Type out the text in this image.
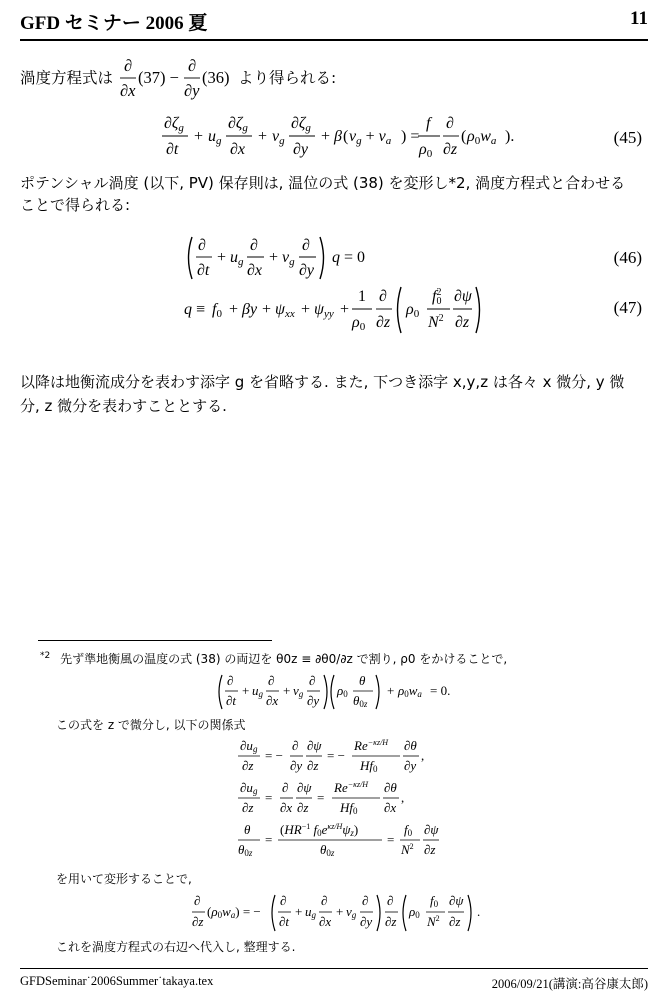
GFD セミナー 2006 夏	11
渦度方程式は
∂
∂x
(37) −
∂
∂y
(36) より得られる:
∂ζg
∂t
+ ug
∂ζg
∂x
+ vg
∂ζg
∂y
+ β ( vg + va ) =
f
ρ0
∂
∂z
( ρ0wa ).	(45)
ポテンシャル渦度 (以下, PV) 保存則は, 温位の式 (38) を変形し*2, 渦度方程式と合わせる
ことで得られる:
∂
∂t
+ ug
∂
∂x
+ vg
∂
∂y
q = 0	(46)
q ≡ f0 + βy + ψxx + ψyy +
1
ρ0
∂
∂z
ρ0
$f^2$ 0
$N^2$
∂ψ
∂z
(47)
以降は地衡流成分を表わす添字 g を省略する. また, 下つき添字 x,y,z は各々 x 微分, y 微
分, z 微分を表わすこととする.
$^{*2}$ 先ず準地衡風の温度の式 (38) の両辺を θ0z ≡ ∂θ0/∂z で割り, ρ0 をかけることで,
∂
∂t
+ ug
∂
∂x
+ vg
∂
∂y
ρ0
θ
θ0z
+ ρ0wa = 0.
この式を z で微分し, 以下の関係式
∂ug
∂z
= −
∂
∂y
∂ψ
∂z
= −
$Re^{-\kappa z/H}$
Hf0
∂θ
∂y
,
∂ug
∂z
=
∂
∂x
∂ψ
∂z
=
$Re^{-\kappa z/H}$
Hf0
∂θ
∂x
,
θ
θ0z
=
($HR^{-1}$ $f0e^{\kappa z/H}\psi z$)
θ0z
=
f0
$N^2$
∂ψ
∂z
を用いて変形することで,
∂
∂z
(ρ0wa) = −
∂
∂t
+ ug
∂
∂x
+ vg
∂
∂y
∂
∂z
ρ0
f0
$N^2$
∂ψ
∂z
.
これを渦度方程式の右辺へ代入し, 整理する.
GFDSeminar˙2006Summer˙takaya.tex	2006/09/21(講演:高谷康太郎)
